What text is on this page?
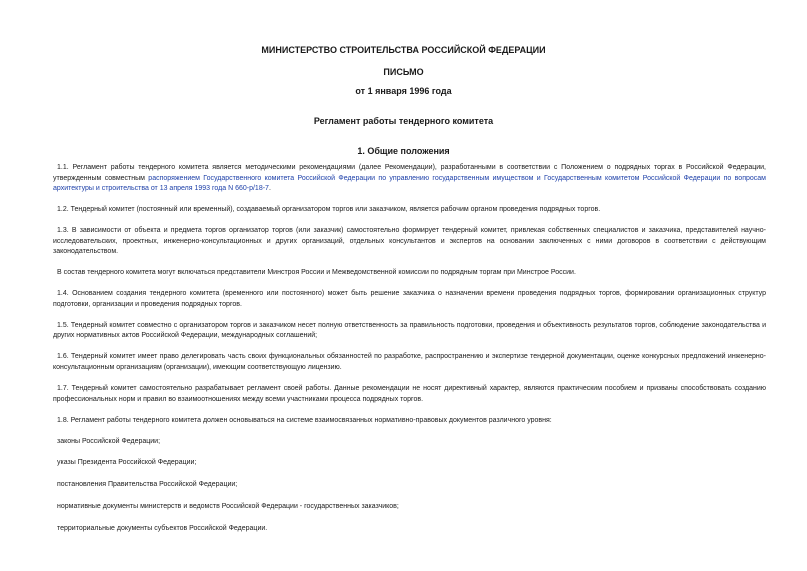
МИНИСТЕРСТВО СТРОИТЕЛЬСТВА РОССИЙСКОЙ ФЕДЕРАЦИИ
ПИСЬМО
от 1 января 1996 года
Регламент работы тендерного комитета
1. Общие положения

1.1. Регламент работы тендерного комитета является методическими рекомендациями (далее Рекомендации), разработанными в соответствии с Положением о подрядных торгах в Российской Федерации, утвержденным совместным распоряжением Государственного комитета Российской Федерации по управлению государственным имуществом и Государственным комитетом Российской Федерации по вопросам архитектуры и строительства от 13 апреля 1993 года N 660-р/18-7.

1.2. Тендерный комитет (постоянный или временный), создаваемый организатором торгов или заказчиком, является рабочим органом проведения подрядных торгов.

1.3. В зависимости от объекта и предмета торгов организатор торгов (или заказчик) самостоятельно формирует тендерный комитет, привлекая собственных специалистов и заказчика, представителей научно-исследовательских, проектных, инженерно-консультационных и других организаций, отдельных консультантов и экспертов на основании заключенных с ними договоров в соответствии с действующим законодательством.

В состав тендерного комитета могут включаться представители Минстроя России и Межведомственной комиссии по подрядным торгам при Минстрое России.

1.4. Основанием создания тендерного комитета (временного или постоянного) может быть решение заказчика о назначении времени проведения подрядных торгов, формировании организационных структур подготовки, организации и проведения подрядных торгов.

1.5. Тендерный комитет совместно с организатором торгов и заказчиком несет полную ответственность за правильность подготовки, проведения и объективность результатов торгов, соблюдение законодательства и других нормативных актов Российской Федерации, международных соглашений;

1.6. Тендерный комитет имеет право делегировать часть своих функциональных обязанностей по разработке, распространению и экспертизе тендерной документации, оценке конкурсных предложений инженерно-консультационным организациям (организации), имеющим соответствующую лицензию.

1.7. Тендерный комитет самостоятельно разрабатывает регламент своей работы. Данные рекомендации не носят директивный характер, являются практическим пособием и призваны способствовать созданию профессиональных норм и правил во взаимоотношениях между всеми участниками процесса подрядных торгов.

1.8. Регламент работы тендерного комитета должен основываться на системе взаимосвязанных нормативно-правовых документов различного уровня:

законы Российской Федерации;

указы Президента Российской Федерации;

постановления Правительства Российской Федерации;

нормативные документы министерств и ведомств Российской Федерации - государственных заказчиков;

территориальные документы субъектов Российской Федерации.
